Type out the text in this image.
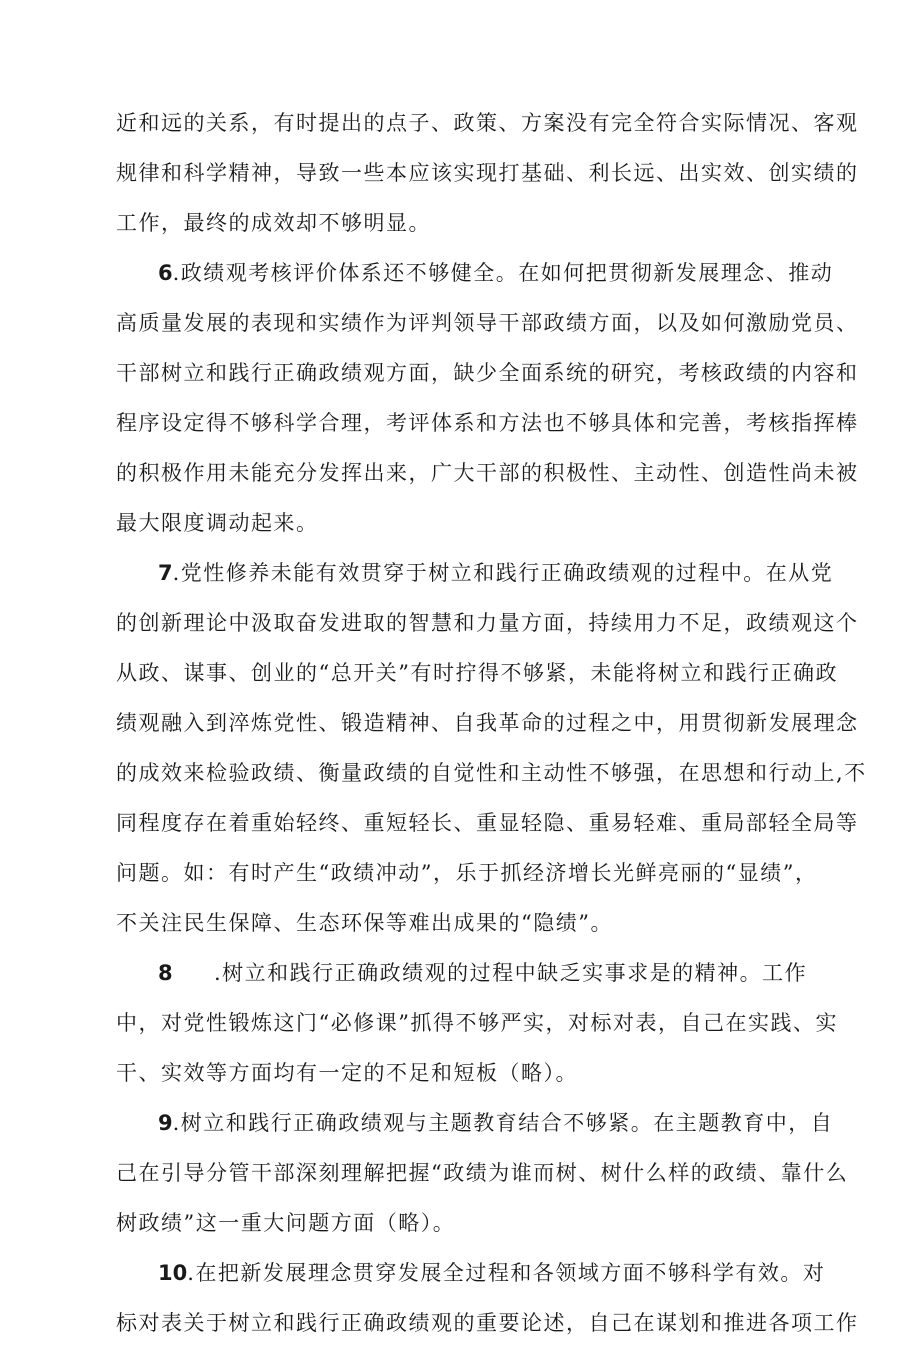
近和远的关系，有时提出的点子、政策、方案没有完全符合实际情况、客观
规律和科学精神，导致一些本应该实现打基础、利长远、出实效、创实绩的
工作，最终的成效却不够明显。
6.政绩观考核评价体系还不够健全。在如何把贯彻新发展理念、推动
高质量发展的表现和实绩作为评判领导干部政绩方面，以及如何激励党员、
干部树立和践行正确政绩观方面，缺少全面系统的研究，考核政绩的内容和
程序设定得不够科学合理，考评体系和方法也不够具体和完善，考核指挥棒
的积极作用未能充分发挥出来，广大干部的积极性、主动性、创造性尚未被
最大限度调动起来。
7.党性修养未能有效贯穿于树立和践行正确政绩观的过程中。在从党
的创新理论中汲取奋发进取的智慧和力量方面，持续用力不足，政绩观这个
从政、谋事、创业的“总开关”有时拧得不够紧，未能将树立和践行正确政
绩观融入到淬炼党性、锻造精神、自我革命的过程之中，用贯彻新发展理念
的成效来检验政绩、衡量政绩的自觉性和主动性不够强，在思想和行动上,不
同程度存在着重始轻终、重短轻长、重显轻隐、重易轻难、重局部轻全局等
问题。如：有时产生“政绩冲动”，乐于抓经济增长光鲜亮丽的“显绩”，
不关注民生保障、生态环保等难出成果的“隐绩”。
8 .树立和践行正确政绩观的过程中缺乏实事求是的精神。工作
中，对党性锻炼这门“必修课”抓得不够严实，对标对表，自己在实践、实
干、实效等方面均有一定的不足和短板（略）。
9.树立和践行正确政绩观与主题教育结合不够紧。在主题教育中，自
己在引导分管干部深刻理解把握“政绩为谁而树、树什么样的政绩、靠什么
树政绩”这一重大问题方面（略）。
10.在把新发展理念贯穿发展全过程和各领域方面不够科学有效。对
标对表关于树立和践行正确政绩观的重要论述，自己在谋划和推进各项工作
